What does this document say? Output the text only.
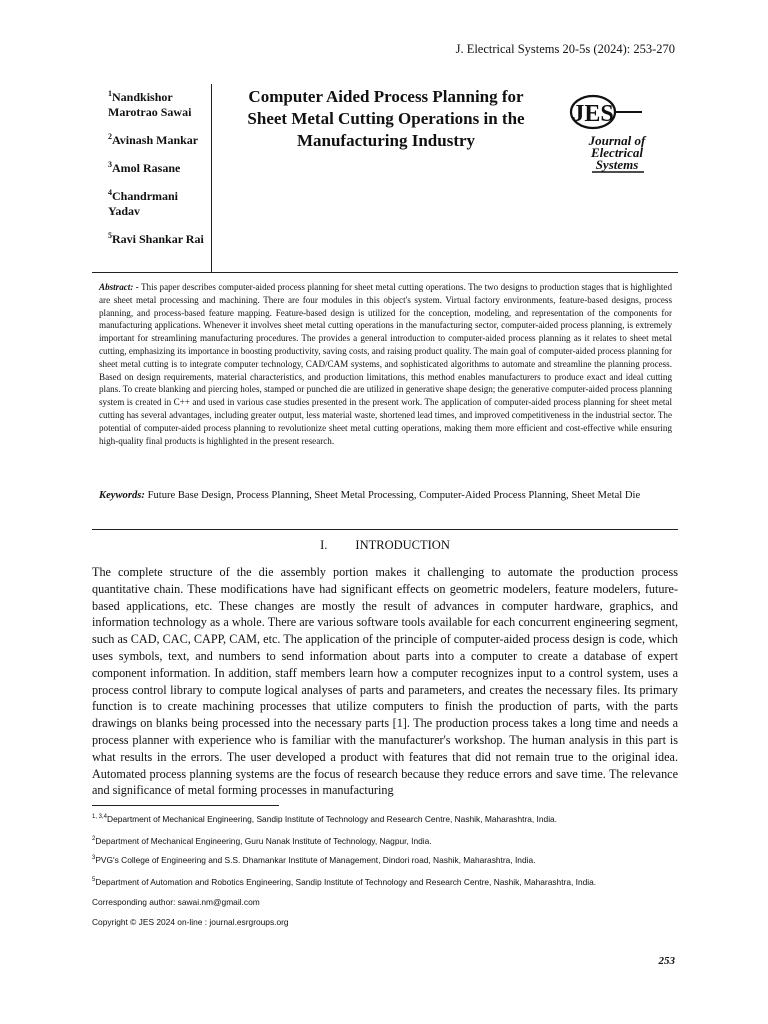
J. Electrical Systems 20-5s (2024): 253-270
$^1$Nandkishor Marotrao Sawai
$^2$Avinash Mankar
$^3$Amol Rasane
$^4$Chandrmani Yadav
$^5$Ravi Shankar Rai
Computer Aided Process Planning for Sheet Metal Cutting Operations in the Manufacturing Industry
JES
Journal of
Electrical
Systems
Abstract: - This paper describes computer-aided process planning for sheet metal cutting operations. The two designs to production stages that is highlighted are sheet metal processing and machining. There are four modules in this object's system. Virtual factory environments, feature-based designs, process planning, and process-based feature mapping. Feature-based design is utilized for the conception, modeling, and representation of the components for manufacturing applications. Whenever it involves sheet metal cutting operations in the manufacturing sector, computer-aided process planning, is extremely important for streamlining manufacturing procedures. The provides a general introduction to computer-aided process planning as it relates to sheet metal cutting, emphasizing its importance in boosting productivity, saving costs, and raising product quality. The main goal of computer-aided process planning for sheet metal cutting is to integrate computer technology, CAD/CAM systems, and sophisticated algorithms to automate and streamline the planning process. Based on design requirements, material characteristics, and production limitations, this method enables manufacturers to produce exact and ideal cutting plans. To create blanking and piercing holes, stamped or punched die are utilized in generative shape design; the generative computer-aided process planning system is created in C++ and used in various case studies presented in the present work. The application of computer-aided process planning for sheet metal cutting has several advantages, including greater output, less material waste, shortened lead times, and improved competitiveness in the industrial sector. The potential of computer-aided process planning to revolutionize sheet metal cutting operations, making them more efficient and cost-effective while ensuring high-quality final products is highlighted in the present research.
Keywords: Future Base Design, Process Planning, Sheet Metal Processing, Computer-Aided Process Planning, Sheet Metal Die
I. INTRODUCTION
The complete structure of the die assembly portion makes it challenging to automate the production process quantitative chain. These modifications have had significant effects on geometric modelers, feature modelers, future-based applications, etc. These changes are mostly the result of advances in computer hardware, graphics, and information technology as a whole. There are various software tools available for each concurrent engineering segment, such as CAD, CAC, CAPP, CAM, etc. The application of the principle of computer-aided process design is code, which uses symbols, text, and numbers to send information about parts into a computer to create a database of expert component information. In addition, staff members learn how a computer recognizes input to a control system, uses a process control library to compute logical analyses of parts and parameters, and creates the necessary files. Its primary function is to create machining processes that utilize computers to finish the production of parts, with the parts drawings on blanks being processed into the necessary parts [1]. The production process takes a long time and needs a process planner with experience who is familiar with the manufacturer's workshop. The human analysis in this part is what results in the errors. The user developed a product with features that did not remain true to the original idea. Automated process planning systems are the focus of research because they reduce errors and save time. The relevance and significance of metal forming processes in manufacturing
$^{1, 3,4}$Department of Mechanical Engineering, Sandip Institute of Technology and Research Centre, Nashik, Maharashtra, India.
$^2$Department of Mechanical Engineering, Guru Nanak Institute of Technology, Nagpur, India.
$^3$PVG's College of Engineering and S.S. Dhamankar Institute of Management, Dindori road, Nashik, Maharashtra, India.
$^5$Department of Automation and Robotics Engineering, Sandip Institute of Technology and Research Centre, Nashik, Maharashtra, India.
Corresponding author: sawai.nm@gmail.com
Copyright © JES 2024 on-line : journal.esrgroups.org
253
